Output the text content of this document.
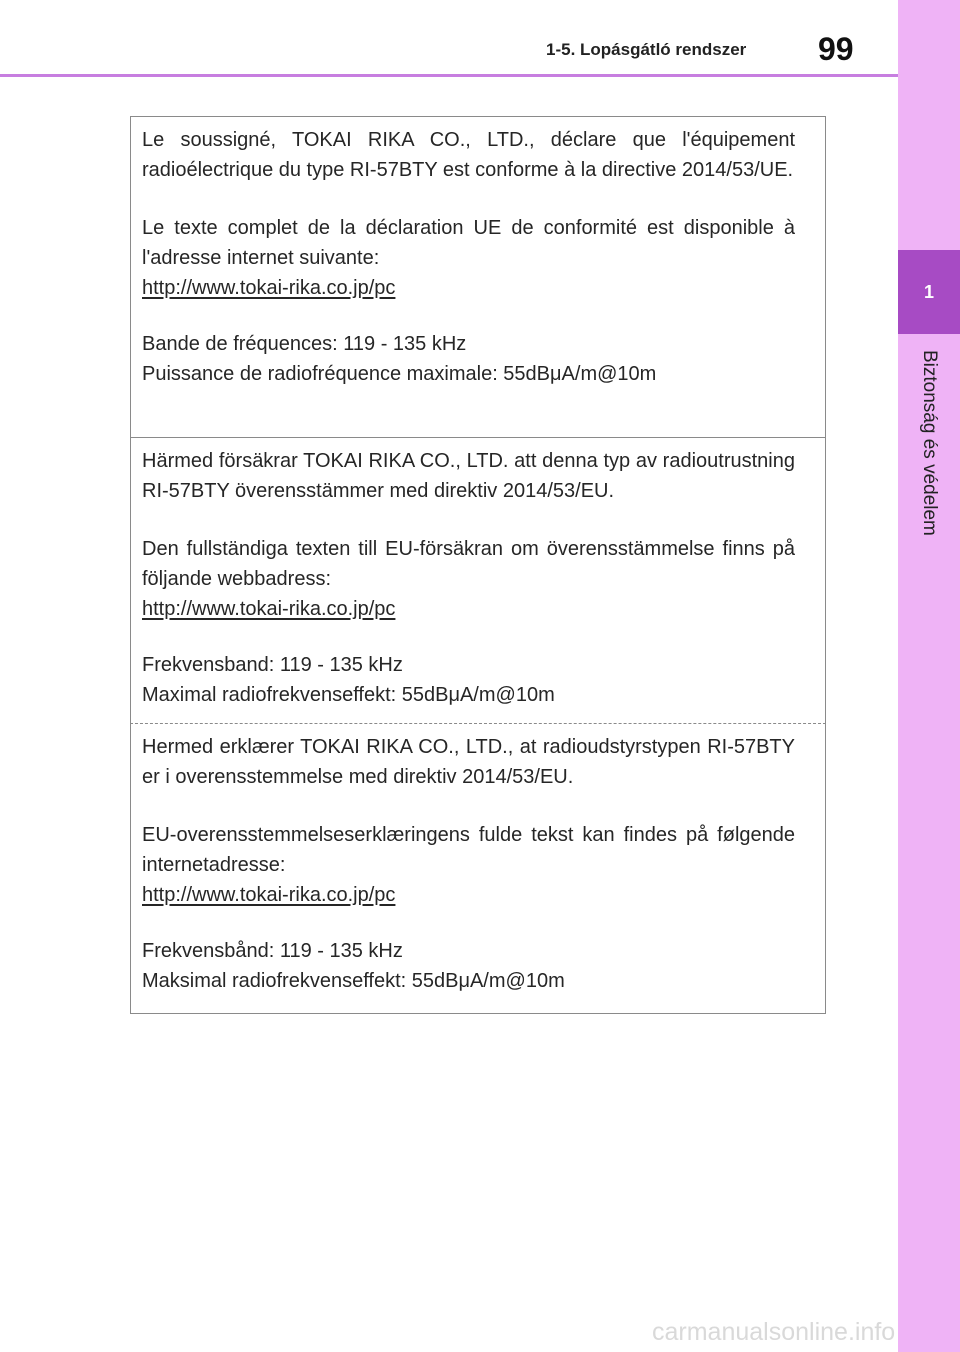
1-5. Lopásgátló rendszer 99
1
Biztonság és védelem

Le soussigné, TOKAI RIKA CO., LTD., déclare que l'équipement radioélectrique du type RI-57BTY est conforme à la directive 2014/53/UE.

Le texte complet de la déclaration UE de conformité est disponible à l'adresse internet suivante:

http://www.tokai-rika.co.jp/pc

Bande de fréquences: 119 - 135 kHz

Puissance de radiofréquence maximale: 55dBμA/m@10m

Härmed försäkrar TOKAI RIKA CO., LTD. att denna typ av radioutrustning RI-57BTY överensstämmer med direktiv 2014/53/EU.

Den fullständiga texten till EU-försäkran om överensstämmelse finns på följande webbadress:

http://www.tokai-rika.co.jp/pc

Frekvensband: 119 - 135 kHz

Maximal radiofrekvenseffekt: 55dBμA/m@10m

Hermed erklærer TOKAI RIKA CO., LTD., at radioudstyrstypen RI-57BTY er i overensstemmelse med direktiv 2014/53/EU.

EU-overensstemmelseserklæringens fulde tekst kan findes på følgende internetadresse:

http://www.tokai-rika.co.jp/pc

Frekvensbånd: 119 - 135 kHz

Maksimal radiofrekvenseffekt: 55dBμA/m@10m

carmanualsonline.info
